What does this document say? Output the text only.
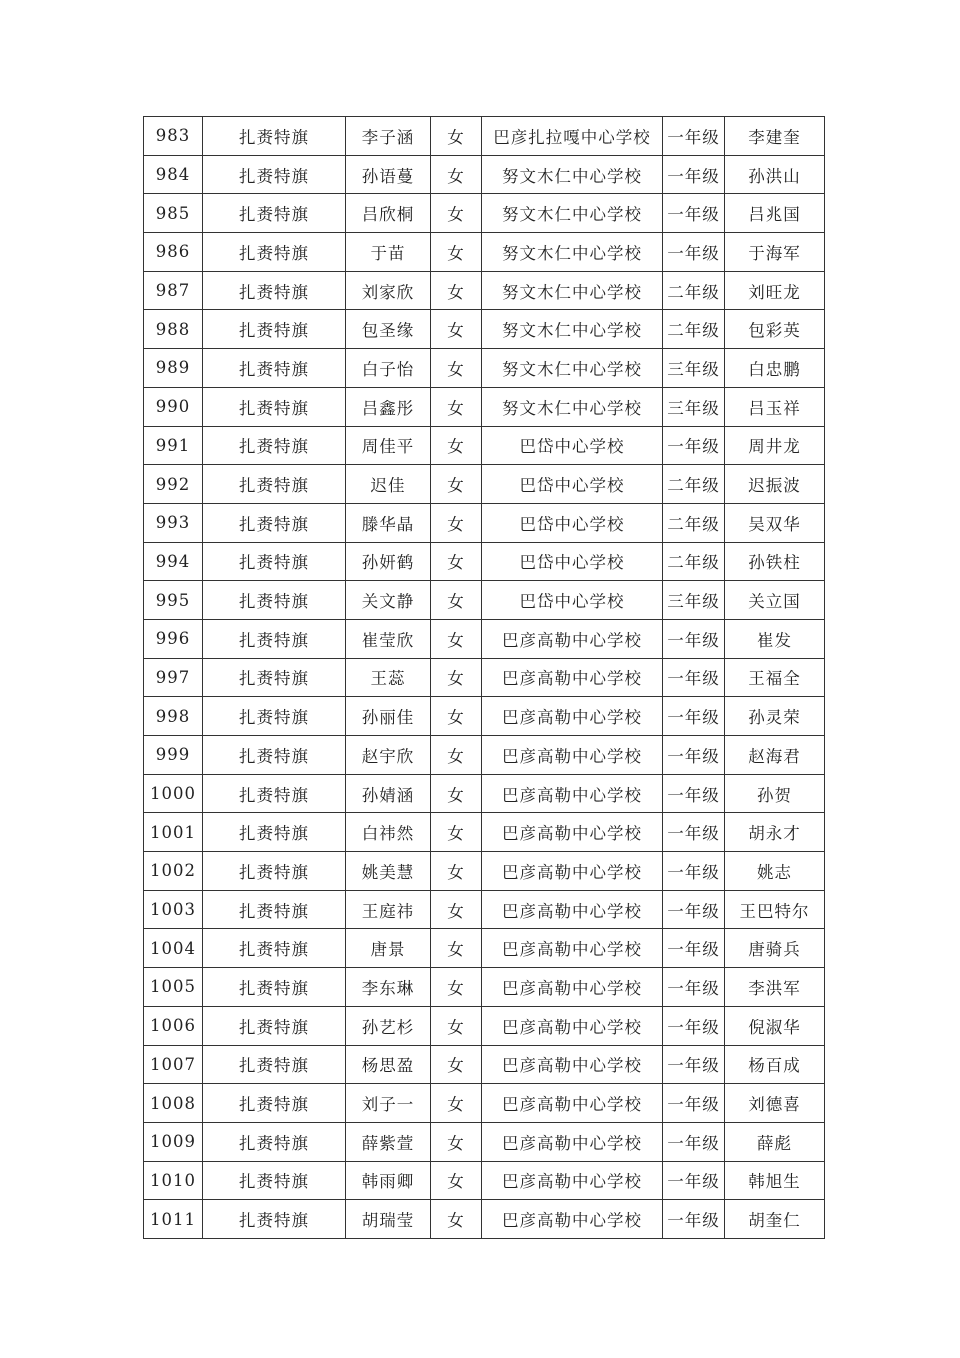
983	扎赉特旗	李子涵	女	巴彦扎拉嘎中心学校	一年级	李建奎
984	扎赉特旗	孙语蔓	女	努文木仁中心学校	一年级	孙洪山
985	扎赉特旗	吕欣桐	女	努文木仁中心学校	一年级	吕兆国
986	扎赉特旗	于苗	女	努文木仁中心学校	一年级	于海军
987	扎赉特旗	刘家欣	女	努文木仁中心学校	二年级	刘旺龙
988	扎赉特旗	包圣缘	女	努文木仁中心学校	二年级	包彩英
989	扎赉特旗	白子怡	女	努文木仁中心学校	三年级	白忠鹏
990	扎赉特旗	吕鑫彤	女	努文木仁中心学校	三年级	吕玉祥
991	扎赉特旗	周佳平	女	巴岱中心学校	一年级	周井龙
992	扎赉特旗	迟佳	女	巴岱中心学校	二年级	迟振波
993	扎赉特旗	滕华晶	女	巴岱中心学校	二年级	吴双华
994	扎赉特旗	孙妍鹤	女	巴岱中心学校	二年级	孙铁柱
995	扎赉特旗	关文静	女	巴岱中心学校	三年级	关立国
996	扎赉特旗	崔莹欣	女	巴彦高勒中心学校	一年级	崔发
997	扎赉特旗	王蕊	女	巴彦高勒中心学校	一年级	王福全
998	扎赉特旗	孙丽佳	女	巴彦高勒中心学校	一年级	孙灵荣
999	扎赉特旗	赵宇欣	女	巴彦高勒中心学校	一年级	赵海君
1000	扎赉特旗	孙婧涵	女	巴彦高勒中心学校	一年级	孙贺
1001	扎赉特旗	白祎然	女	巴彦高勒中心学校	一年级	胡永才
1002	扎赉特旗	姚美慧	女	巴彦高勒中心学校	一年级	姚志
1003	扎赉特旗	王庭祎	女	巴彦高勒中心学校	一年级	王巴特尔
1004	扎赉特旗	唐景	女	巴彦高勒中心学校	一年级	唐骑兵
1005	扎赉特旗	李东琳	女	巴彦高勒中心学校	一年级	李洪军
1006	扎赉特旗	孙艺杉	女	巴彦高勒中心学校	一年级	倪淑华
1007	扎赉特旗	杨思盈	女	巴彦高勒中心学校	一年级	杨百成
1008	扎赉特旗	刘子一	女	巴彦高勒中心学校	一年级	刘德喜
1009	扎赉特旗	薛紫萱	女	巴彦高勒中心学校	一年级	薛彪
1010	扎赉特旗	韩雨卿	女	巴彦高勒中心学校	一年级	韩旭生
1011	扎赉特旗	胡瑞莹	女	巴彦高勒中心学校	一年级	胡奎仁
